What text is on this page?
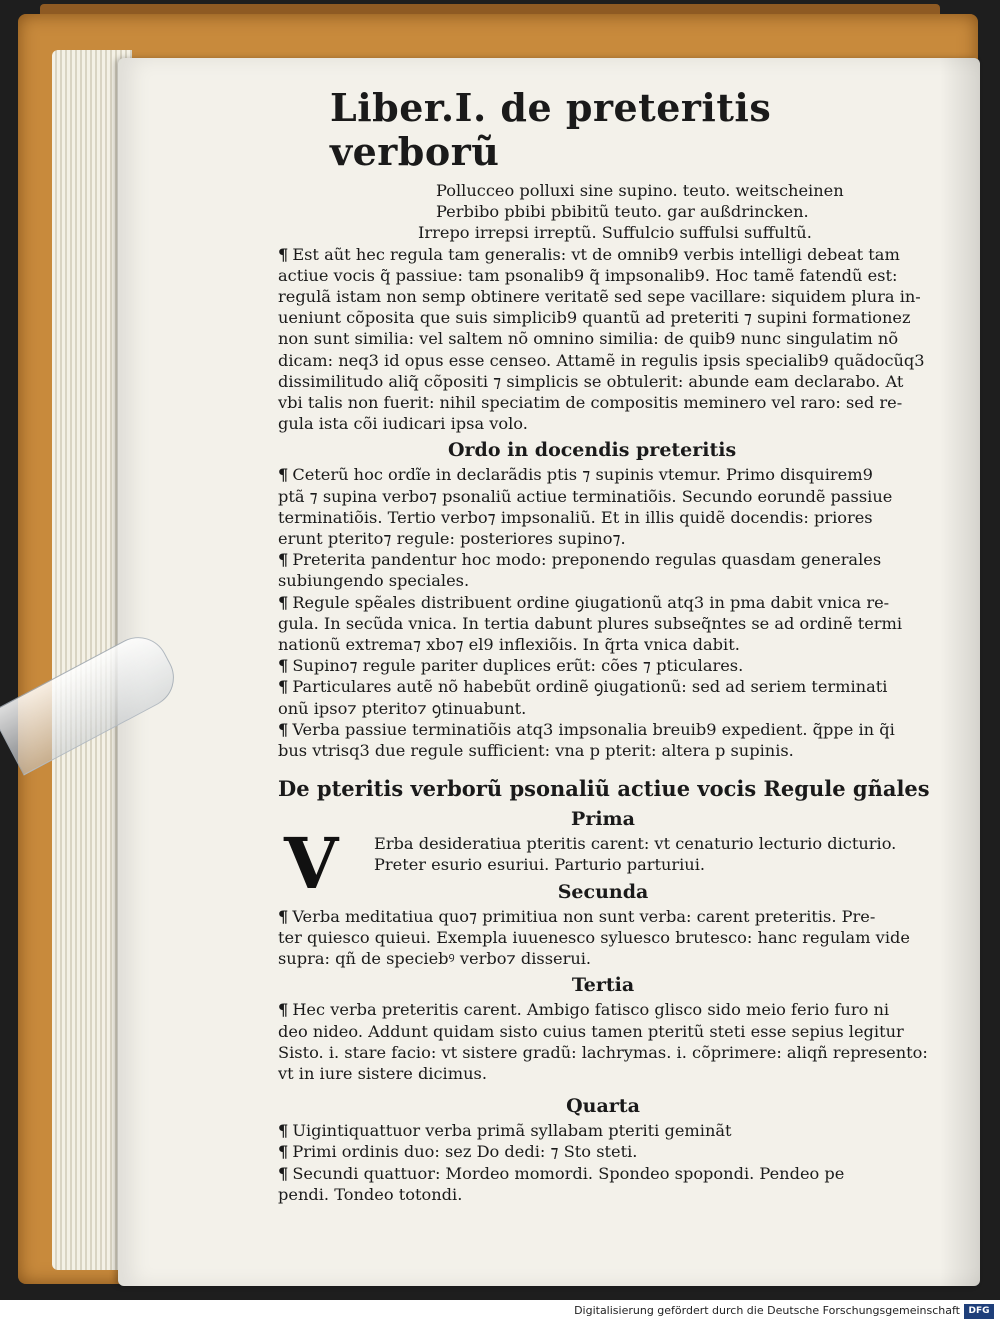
Liber.I. de preteritis verborũ

Pollucceo polluxi sine supino. teuto. weitscheinen

Perbibo pbibi pbibitũ teuto. gar außdrincken.

Irrepo irrepsi irreptũ. Suffulcio suffulsi suffultũ.

¶ Est aũt hec regula tam generalis: vt de omnib9 verbis intelligi debeat tam

actiue vocis q̃ passiue: tam psonalib9 q̃ impsonalib9. Hoc tamẽ fatendũ est:

regulã istam non semp obtinere veritatẽ sed sepe vacillare: siquidem plura in-

ueniunt cõposita que suis simplicib9 quantũ ad preteriti ⁊ supini formationez

non sunt similia: vel saltem nõ omnino similia: de quib9 nunc singulatim nõ

dicam: neq3 id opus esse censeo. Attamẽ in regulis ipsis specialib9 quãdocũq3

dissimilitudo aliq̃ cõpositi ⁊ simplicis se obtulerit: abunde eam declarabo. At

vbi talis non fuerit: nihil speciatim de compositis meminero vel raro: sed re-

gula ista cõi iudicari ipsa volo.

Ordo in docendis preteritis

¶ Ceterũ hoc ordĩe in declarãdis ptis ⁊ supinis vtemur. Primo disquirem9

ptã ⁊ supina verbo⁊ psonaliũ actiue terminatiõis. Secundo eorundẽ passiue

terminatiõis. Tertio verbo⁊ impsonaliũ. Et in illis quidẽ docendis: priores

erunt pterito⁊ regule: posteriores supino⁊.

¶ Preterita pandentur hoc modo: preponendo regulas quasdam generales

subiungendo speciales.

¶ Regule spẽales distribuent ordine ꝯiugationũ atq3 in pma dabit vnica re-

gula. In secũda vnica. In tertia dabunt plures subseq̃ntes se ad ordinẽ termi

nationũ extrema⁊ xbo⁊ el9 inflexiõis. In q̃rta vnica dabit.

¶ Supino⁊ regule pariter duplices erũt: cões ⁊ pticulares.

¶ Particulares autẽ nõ habebũt ordinẽ ꝯiugationũ: sed ad seriem terminati

onũ ipso⁊ pterito⁊ ꝯtinuabunt.

¶ Verba passiue terminatiõis atq3 impsonalia breuib9 expedient. q̃ppe in q̃i

bus vtrisq3 due regule sufficient: vna p pterit: altera p supinis.

De pteritis verborũ psonaliũ actiue vocis Regule gñales
Prima
V Erba desideratiua pteritis carent: vt cenaturio lecturio dicturio.

Preter esurio esuriui. Parturio parturiui.

Secunda

¶ Verba meditatiua quo⁊ primitiua non sunt verba: carent preteritis. Pre-

ter quiesco quieui. Exempla iuuenesco syluesco brutesco: hanc regulam vide

supra: qñ de speciebꝰ verbo⁊ disserui.

Tertia

¶ Hec verba preteritis carent. Ambigo fatisco glisco sido meio ferio furo ni

deo nideo. Addunt quidam sisto cuius tamen pteritũ steti esse sepius legitur

Sisto. i. stare facio: vt sistere gradũ: lachrymas. i. cõprimere: aliqñ represento:

vt in iure sistere dicimus.

Quarta

¶ Uigintiquattuor verba primã syllabam pteriti geminãt

¶ Primi ordinis duo: sez Do dedi: ⁊ Sto steti.

¶ Secundi quattuor: Mordeo momordi. Spondeo spopondi. Pendeo pe

pendi. Tondeo totondi.

Digitalisierung gefördert durch die Deutsche Forschungsgemeinschaft DFG
